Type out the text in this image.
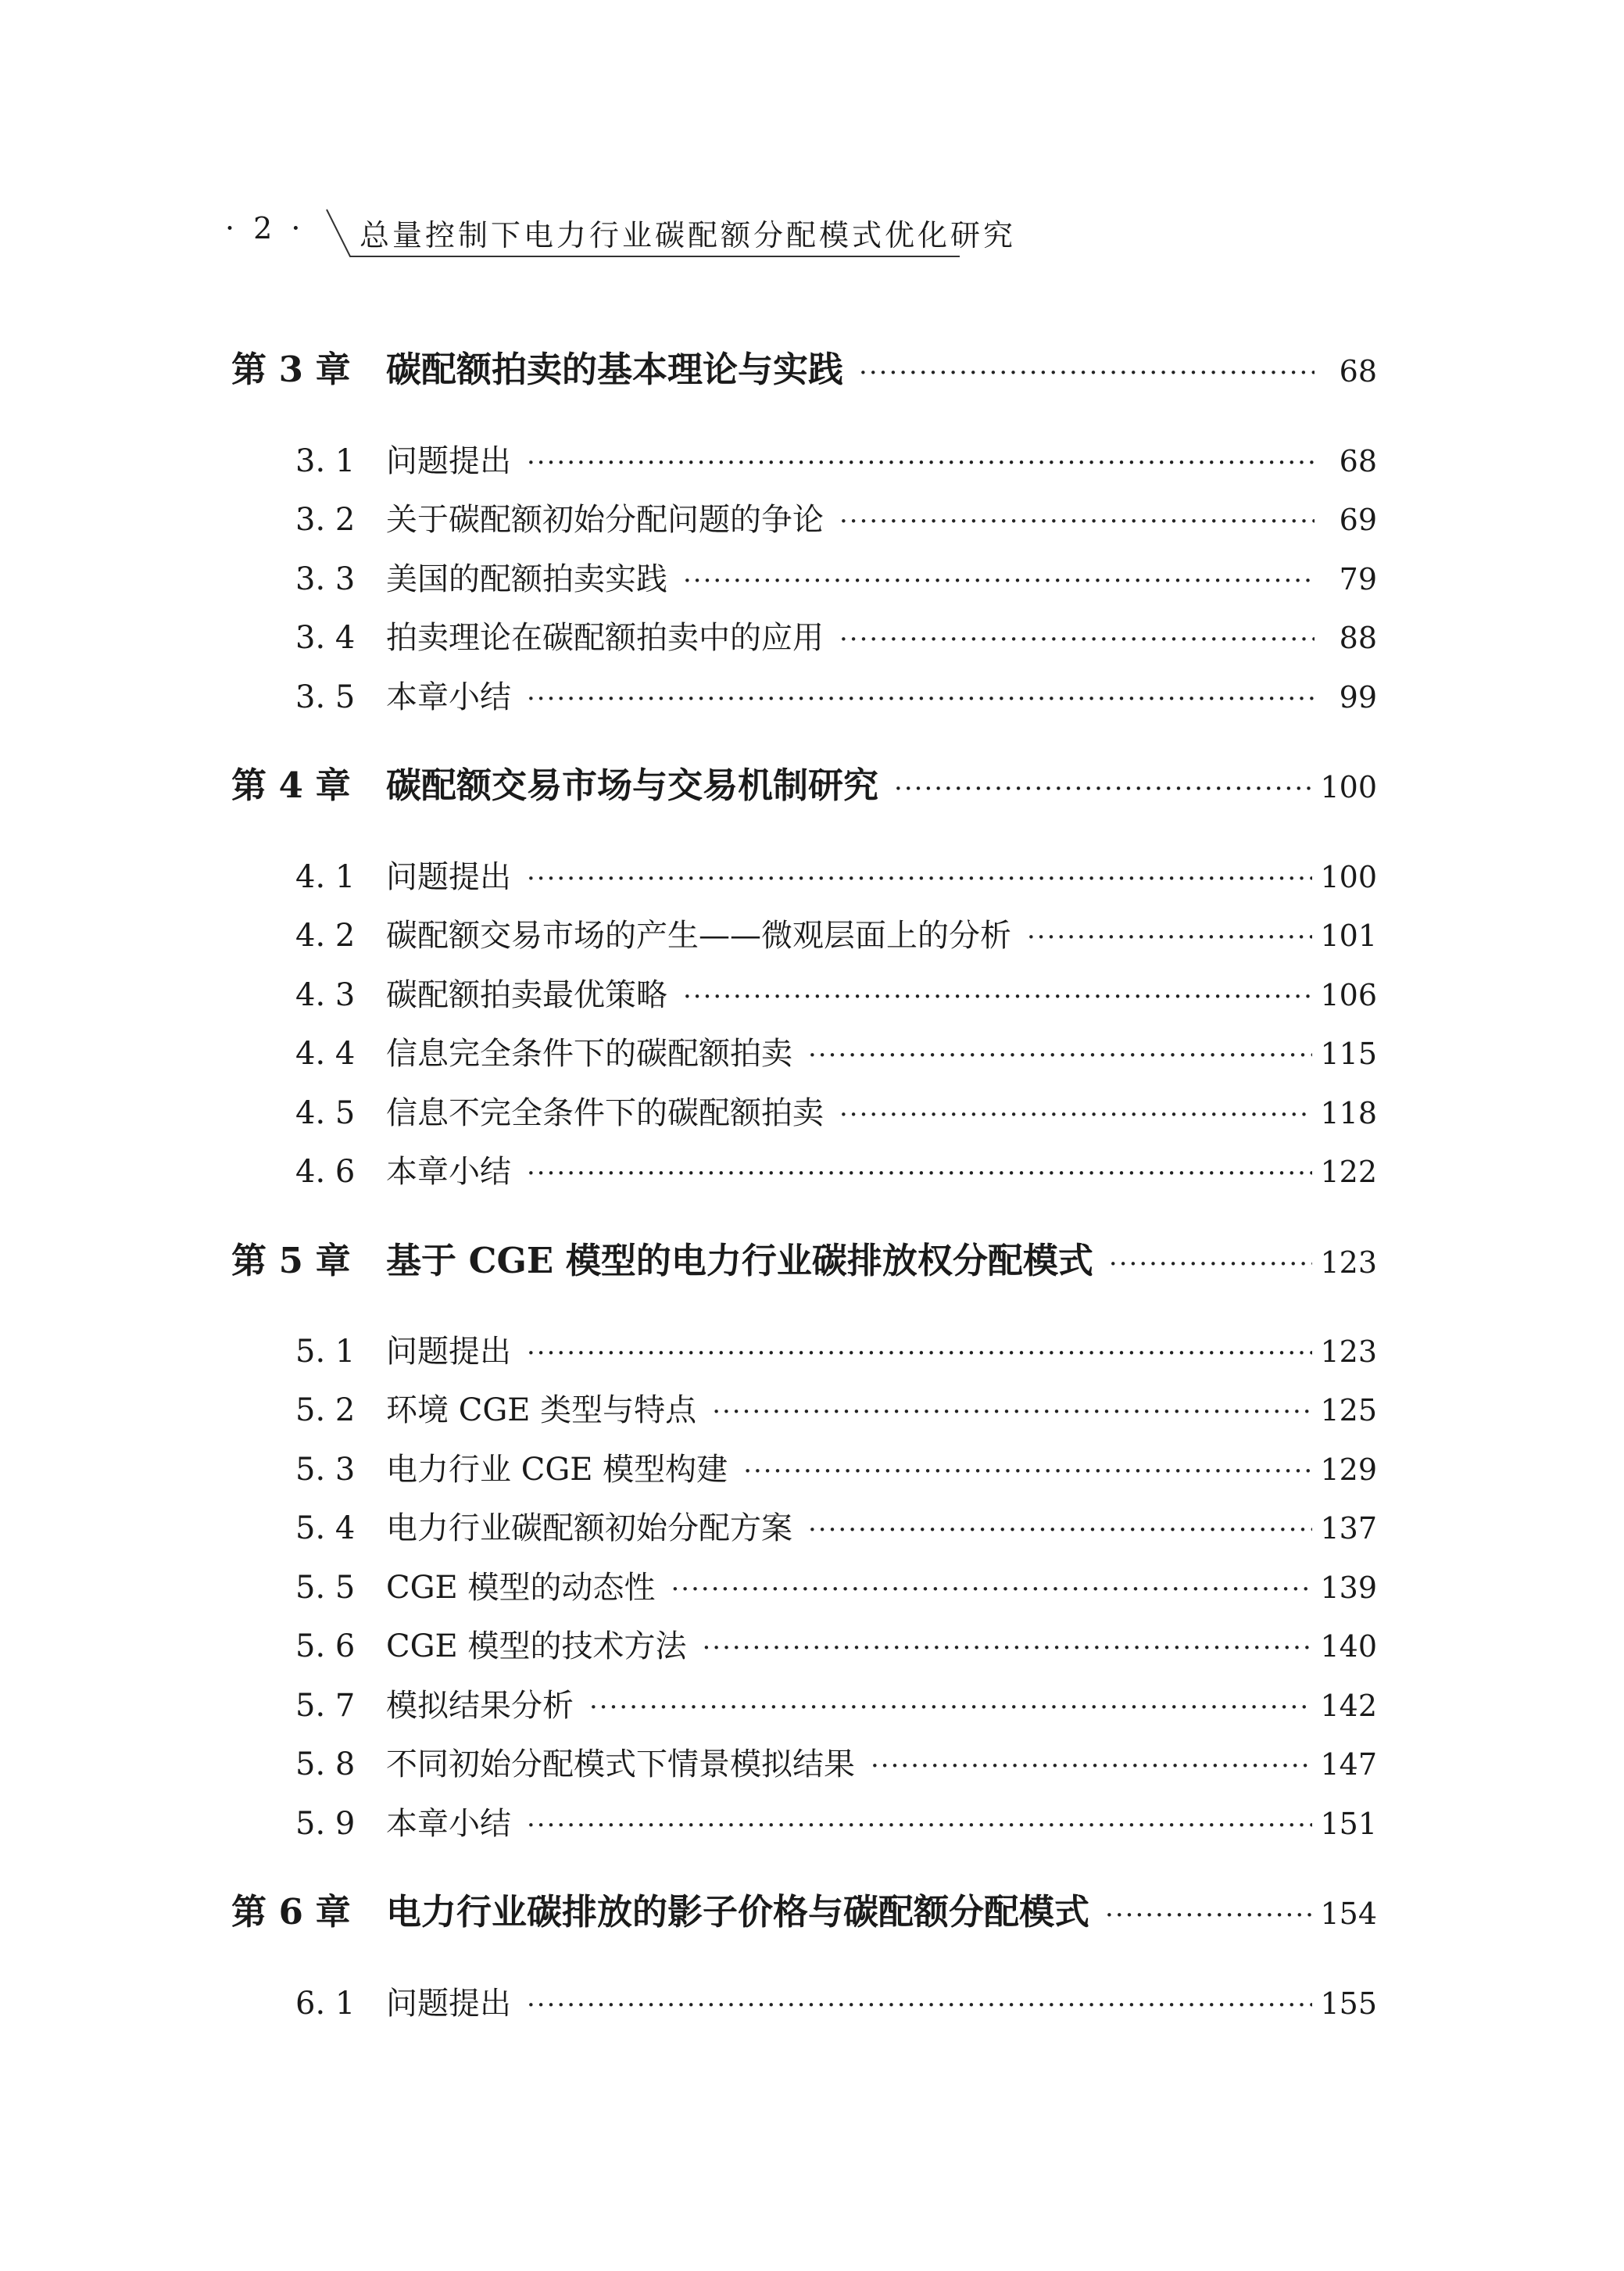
· 2 · 总量控制下电力行业碳配额分配模式优化研究
第 3 章	碳配额拍卖的基本理论与实践 ·····	68
3. 1 问题提出 ·····	68
3. 2 关于碳配额初始分配问题的争论 ·····	69
3. 3 美国的配额拍卖实践 ·····	79
3. 4 拍卖理论在碳配额拍卖中的应用 ·····	88
3. 5 本章小结 ·····	99
第 4 章	碳配额交易市场与交易机制研究 ·····	100
4. 1 问题提出 ·····	100
4. 2 碳配额交易市场的产生——微观层面上的分析 ·····	101
4. 3 碳配额拍卖最优策略 ·····	106
4. 4 信息完全条件下的碳配额拍卖 ·····	115
4. 5 信息不完全条件下的碳配额拍卖 ·····	118
4. 6 本章小结 ·····	122
第 5 章	基于 CGE 模型的电力行业碳排放权分配模式 ·····	123
5. 1 问题提出 ·····	123
5. 2 环境 CGE 类型与特点 ·····	125
5. 3 电力行业 CGE 模型构建 ·····	129
5. 4 电力行业碳配额初始分配方案 ·····	137
5. 5 CGE 模型的动态性 ·····	139
5. 6 CGE 模型的技术方法 ·····	140
5. 7 模拟结果分析 ·····	142
5. 8 不同初始分配模式下情景模拟结果 ·····	147
5. 9 本章小结 ·····	151
第 6 章	电力行业碳排放的影子价格与碳配额分配模式 ·····	154
6. 1 问题提出 ·····	155
